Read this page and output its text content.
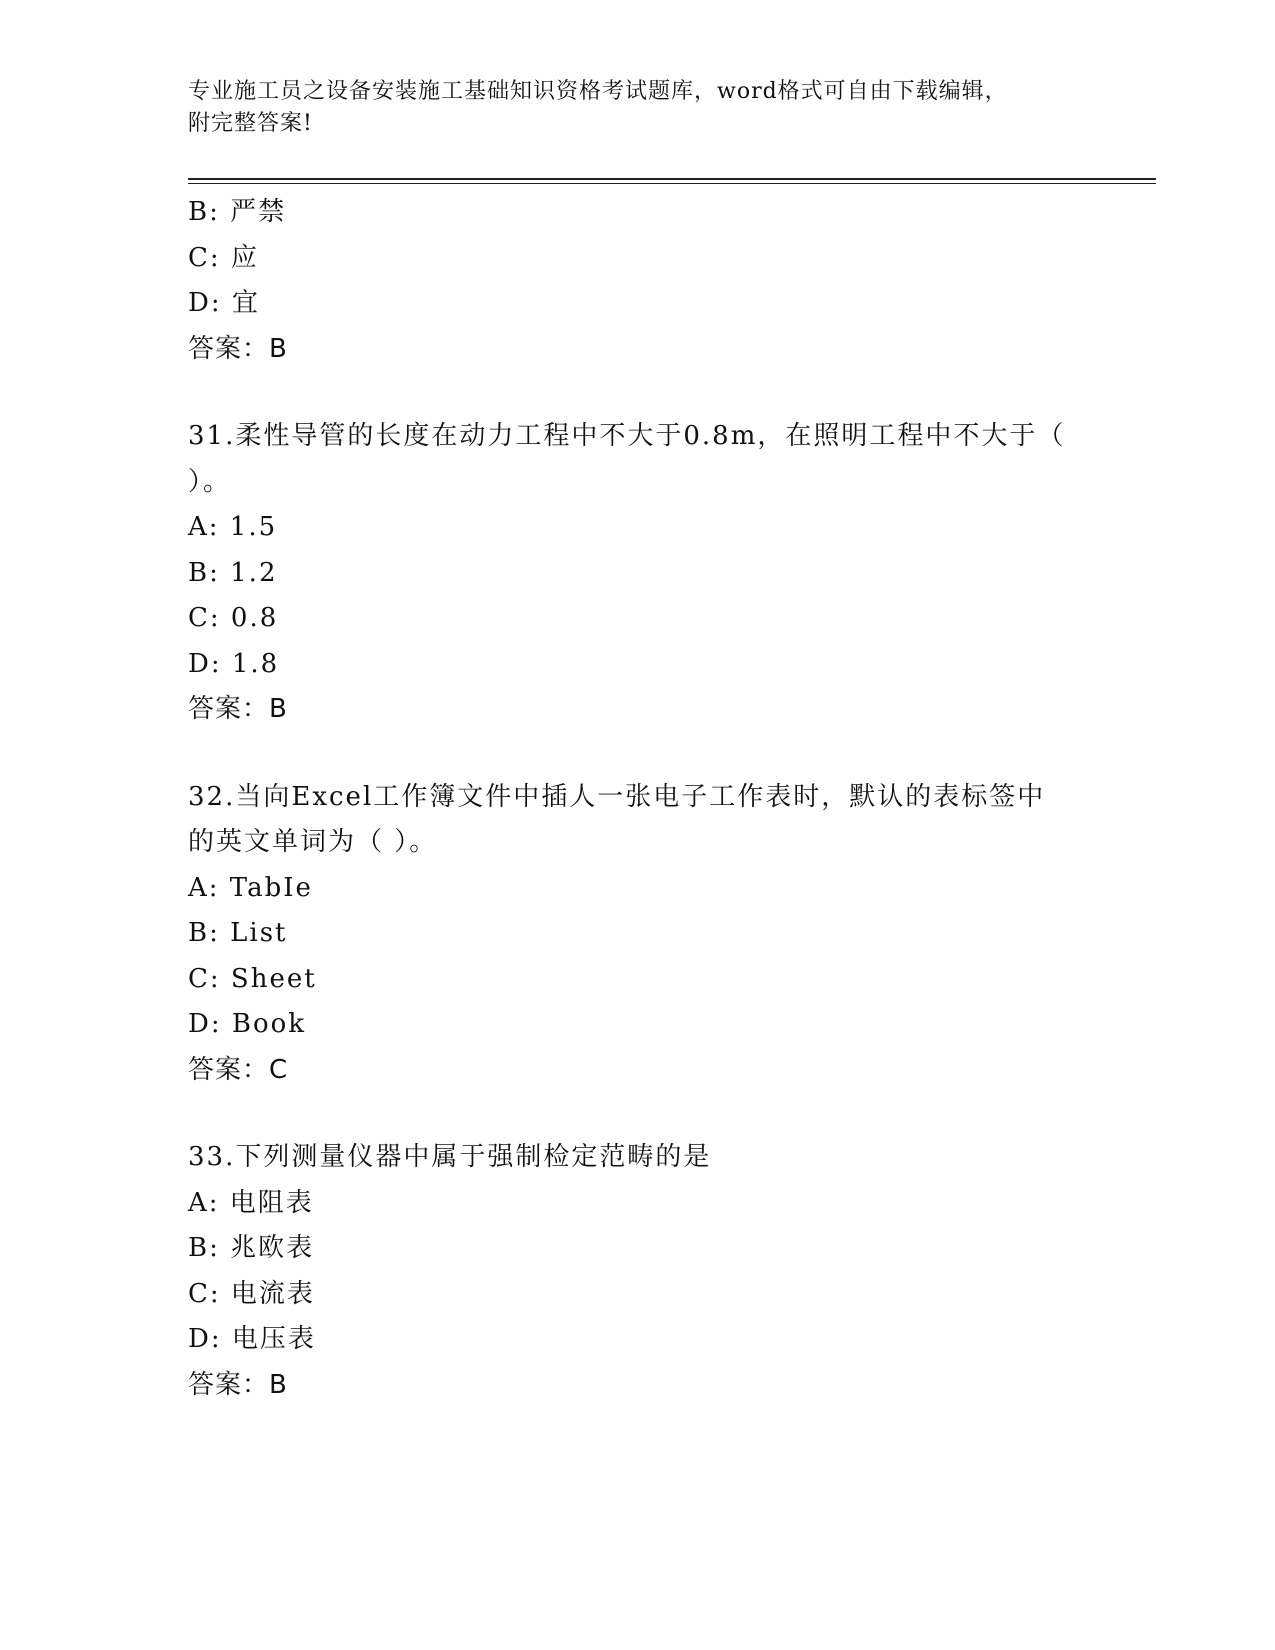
专业施工员之设备安装施工基础知识资格考试题库，word格式可自由下载编辑，
附完整答案!
B: 严禁
C: 应
D: 宜
答案：B
31.柔性导管的长度在动力工程中不大于0.8m，在照明工程中不大于（
）。
A: 1.5
B: 1.2
C: 0.8
D: 1.8
答案：B
32.当向Excel工作簿文件中插人一张电子工作表时，默认的表标签中
的英文单词为（ ）。
A: TabIe
B: List
C: Sheet
D: Book
答案：C
33.下列测量仪器中属于强制检定范畴的是
A: 电阻表
B: 兆欧表
C: 电流表
D: 电压表
答案：B
